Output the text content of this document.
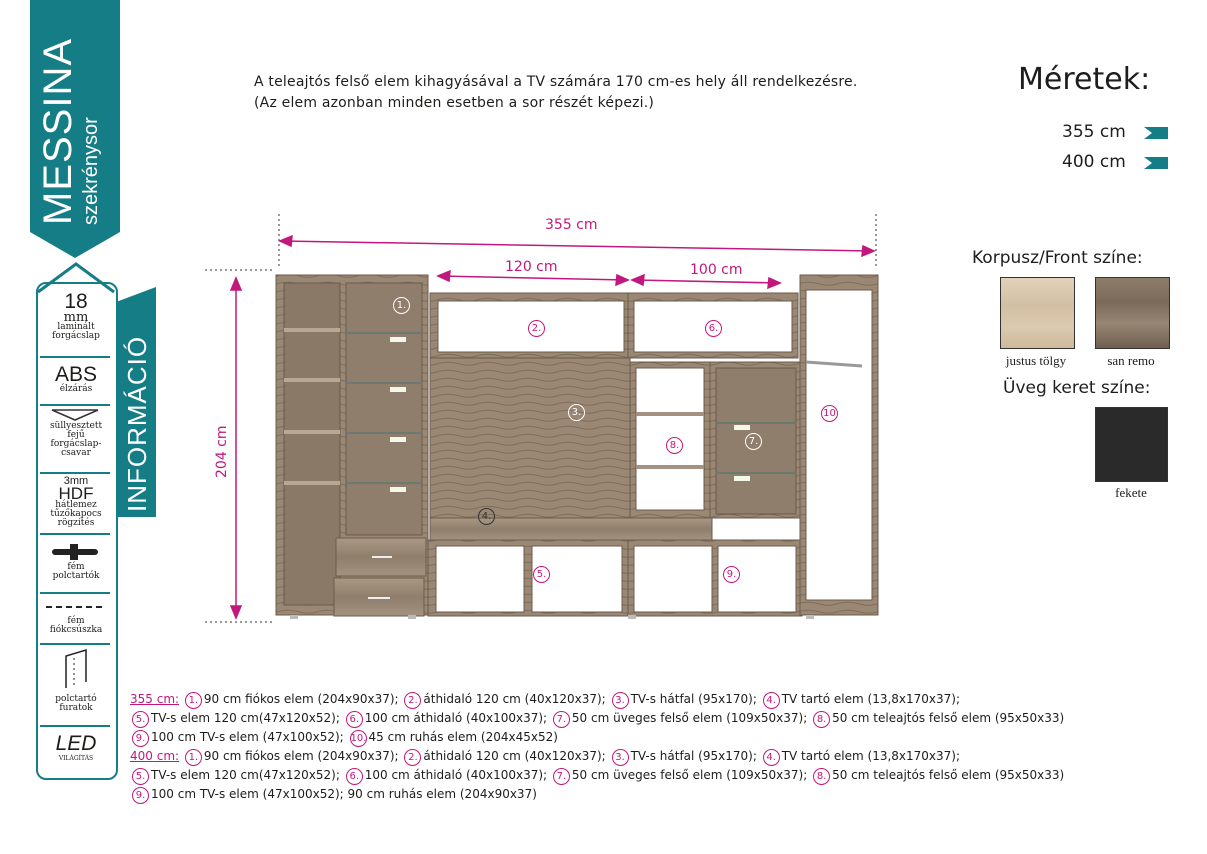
MESSINA szekrénysor
INFORMÁCIÓ
18
mm
laminált
forgácslap
ABS
élzárás
süllyesztett
fejű
forgácslap-
csavar
3mm
HDF
hátlemez
tűzőkapocs
rögzítés
fém
polctartók
fém
fiókcsúszka
polctartó
furatok
LED
VILÁGÍTÁS
A teleajtós felső elem kihagyásával a TV számára 170 cm-es hely áll rendelkezésre.
(Az elem azonban minden esetben a sor részét képezi.)
Méretek:
355 cm
400 cm
Korpusz/Front színe:
justus tölgy	san remo
Üveg keret színe:
fekete
355 cm
120 cm	100 cm
204 cm
1.
2.
3.
4.
5.
6.
7.
8.
9.
10
355 cm: 1. 90 cm fiókos elem (204x90x37); 2. áthidaló 120 cm (40x120x37); 3. TV-s hátfal (95x170); 4. TV tartó elem (13,8x170x37);
5. TV-s elem 120 cm(47x120x52); 6. 100 cm áthidaló (40x100x37); 7. 50 cm üveges felső elem (109x50x37); 8. 50 cm teleajtós felső elem (95x50x33)
9. 100 cm TV-s elem (47x100x52); 10. 45 cm ruhás elem (204x45x52)
400 cm: 1. 90 cm fiókos elem (204x90x37); 2. áthidaló 120 cm (40x120x37); 3. TV-s hátfal (95x170); 4. TV tartó elem (13,8x170x37);
5. TV-s elem 120 cm(47x120x52); 6. 100 cm áthidaló (40x100x37); 7. 50 cm üveges felső elem (109x50x37); 8. 50 cm teleajtós felső elem (95x50x33)
9. 100 cm TV-s elem (47x100x52); 90 cm ruhás elem (204x90x37)
